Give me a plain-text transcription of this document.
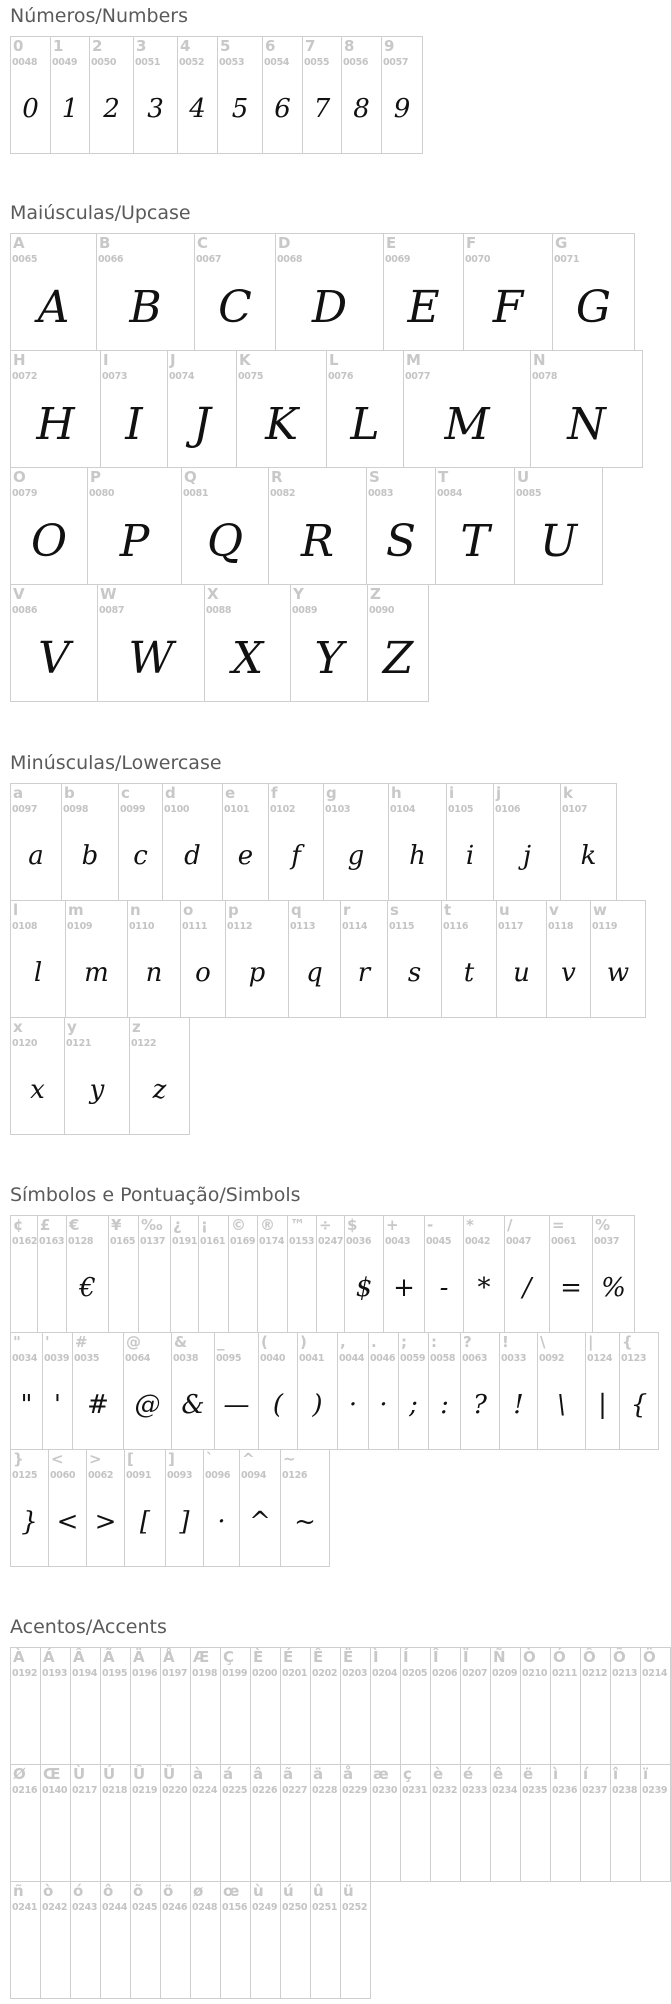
Números/Numbers
0
0048
0
1
0049
1
2
0050
2
3
0051
3
4
0052
4
5
0053
5
6
0054
6
7
0055
7
8
0056
8
9
0057
9
Maiúsculas/Upcase
A
0065
A
B
0066
B
C
0067
C
D
0068
D
E
0069
E
F
0070
F
G
0071
G
H
0072
H
I
0073
I
J
0074
J
K
0075
K
L
0076
L
M
0077
M
N
0078
N
O
0079
O
P
0080
P
Q
0081
Q
R
0082
R
S
0083
S
T
0084
T
U
0085
U
V
0086
V
W
0087
W
X
0088
X
Y
0089
Y
Z
0090
Z
Minúsculas/Lowercase
a
0097
a
b
0098
b
c
0099
c
d
0100
d
e
0101
e
f
0102
f
g
0103
g
h
0104
h
i
0105
i
j
0106
j
k
0107
k
l
0108
l
m
0109
m
n
0110
n
o
0111
o
p
0112
p
q
0113
q
r
0114
r
s
0115
s
t
0116
t
u
0117
u
v
0118
v
w
0119
w
x
0120
x
y
0121
y
z
0122
z
Símbolos e Pontuação/Simbols
¢
0162
£
0163
€
0128
€
¥
0165
‰
0137
¿
0191
¡
0161
©
0169
®
0174
™
0153
÷
0247
$
0036
$
+
0043
+
-
0045
-
*
0042
*
/
0047
/
=
0061
=
%
0037
%
"
0034
"
'
0039
'
#
0035
#
@
0064
@
&
0038
&
_
0095
—
(
0040
(
)
0041
)
,
0044
·
.
0046
·
;
0059
;
:
0058
:
?
0063
?
!
0033
!
\
0092
\
|
0124
|
{
0123
{
}
0125
}
<
0060
<
>
0062
>
[
0091
[
]
0093
]
`
0096
·
^
0094
^
~
0126
~
Acentos/Accents
À
0192
Á
0193
Â
0194
Ã
0195
Ä
0196
Å
0197
Æ
0198
Ç
0199
È
0200
É
0201
Ê
0202
Ë
0203
Ì
0204
Í
0205
Î
0206
Ï
0207
Ñ
0209
Ò
0210
Ó
0211
Ô
0212
Õ
0213
Ö
0214
Ø
0216
Œ
0140
Ù
0217
Ú
0218
Û
0219
Ü
0220
à
0224
á
0225
â
0226
ã
0227
ä
0228
å
0229
æ
0230
ç
0231
è
0232
é
0233
ê
0234
ë
0235
ì
0236
í
0237
î
0238
ï
0239
ñ
0241
ò
0242
ó
0243
ô
0244
õ
0245
ö
0246
ø
0248
œ
0156
ù
0249
ú
0250
û
0251
ü
0252
